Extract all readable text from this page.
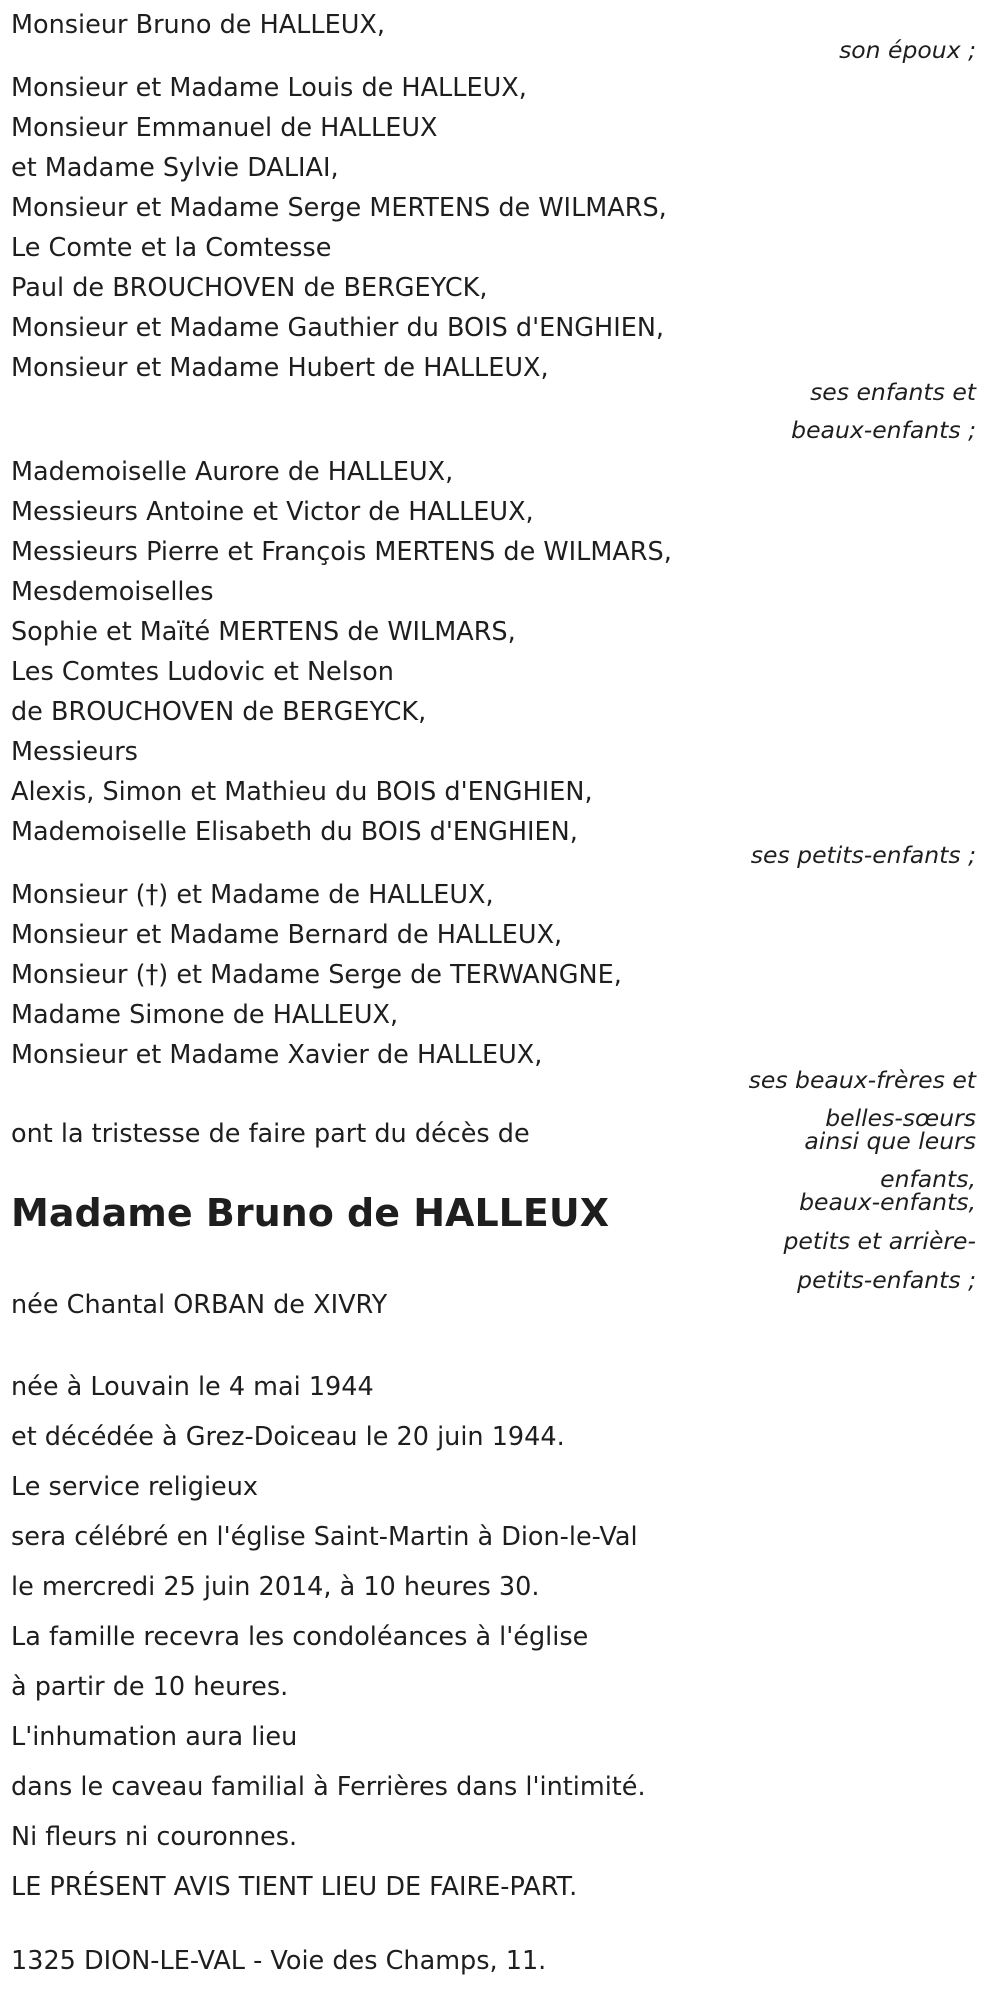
Monsieur Bruno de HALLEUX,
son époux ;
Monsieur et Madame Louis de HALLEUX,
Monsieur Emmanuel de HALLEUX
et Madame Sylvie DALIAI,
Monsieur et Madame Serge MERTENS de WILMARS,
Le Comte et la Comtesse
Paul de BROUCHOVEN de BERGEYCK,
Monsieur et Madame Gauthier du BOIS d'ENGHIEN,
Monsieur et Madame Hubert de HALLEUX,
ses enfants et
beaux-enfants ;
Mademoiselle Aurore de HALLEUX,
Messieurs Antoine et Victor de HALLEUX,
Messieurs Pierre et François MERTENS de WILMARS,
Mesdemoiselles
Sophie et Maïté MERTENS de WILMARS,
Les Comtes Ludovic et Nelson
de BROUCHOVEN de BERGEYCK,
Messieurs
Alexis, Simon et Mathieu du BOIS d'ENGHIEN,
Mademoiselle Elisabeth du BOIS d'ENGHIEN,
ses petits-enfants ;
Monsieur (†) et Madame de HALLEUX,
Monsieur et Madame Bernard de HALLEUX,
Monsieur (†) et Madame Serge de TERWANGNE,
Madame Simone de HALLEUX,
Monsieur et Madame Xavier de HALLEUX,
ses beaux-frères et
belles-sœurs
ainsi que leurs
enfants,
beaux-enfants,
petits et arrière-
petits-enfants ;
ont la tristesse de faire part du décès de
Madame Bruno de HALLEUX
née Chantal ORBAN de XIVRY
née à Louvain le 4 mai 1944
et décédée à Grez-Doiceau le 20 juin 1944.
Le service religieux
sera célébré en l'église Saint-Martin à Dion-le-Val
le mercredi 25 juin 2014, à 10 heures 30.
La famille recevra les condoléances à l'église
à partir de 10 heures.
L'inhumation aura lieu
dans le caveau familial à Ferrières dans l'intimité.
Ni fleurs ni couronnes.
LE PRÉSENT AVIS TIENT LIEU DE FAIRE-PART.
1325 DION-LE-VAL - Voie des Champs, 11.
